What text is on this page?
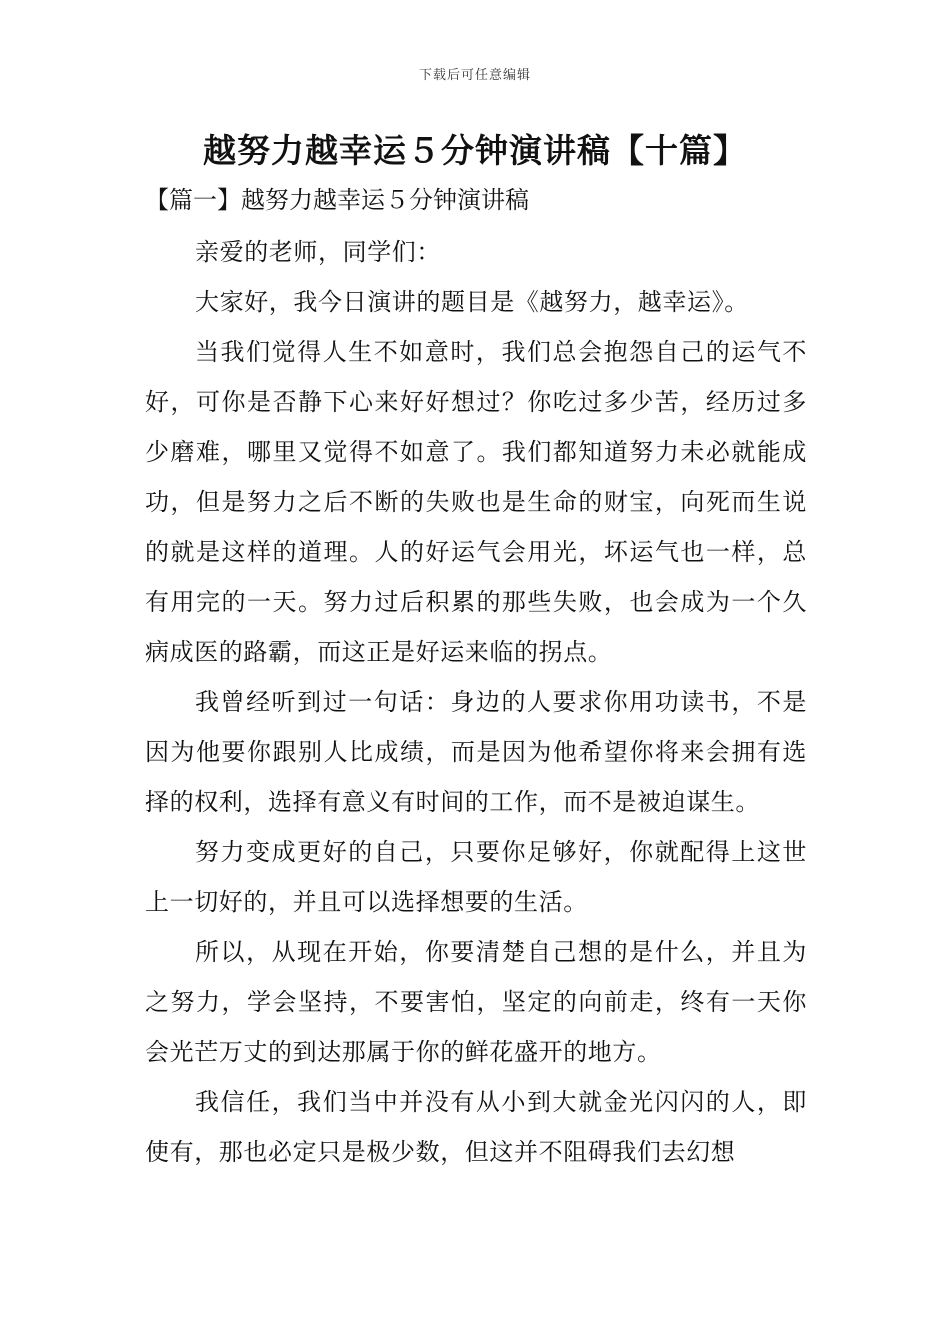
下载后可任意编辑
越努力越幸运５分钟演讲稿【十篇】
【篇一】越努力越幸运５分钟演讲稿

亲爱的老师，同学们：

大家好，我今日演讲的题目是《越努力，越幸运》。

当我们觉得人生不如意时，我们总会抱怨自己的运气不好，可你是否静下心来好好想过？你吃过多少苦，经历过多少磨难，哪里又觉得不如意了。我们都知道努力未必就能成功，但是努力之后不断的失败也是生命的财宝，向死而生说的就是这样的道理。人的好运气会用光，坏运气也一样，总有用完的一天。努力过后积累的那些失败，也会成为一个久病成医的路霸，而这正是好运来临的拐点。

我曾经听到过一句话：身边的人要求你用功读书，不是因为他要你跟别人比成绩，而是因为他希望你将来会拥有选择的权利，选择有意义有时间的工作，而不是被迫谋生。

努力变成更好的自己，只要你足够好，你就配得上这世上一切好的，并且可以选择想要的生活。

所以，从现在开始，你要清楚自己想的是什么，并且为之努力，学会坚持，不要害怕，坚定的向前走，终有一天你会光芒万丈的到达那属于你的鲜花盛开的地方。

我信任，我们当中并没有从小到大就金光闪闪的人，即使有，那也必定只是极少数，但这并不阻碍我们去幻想
